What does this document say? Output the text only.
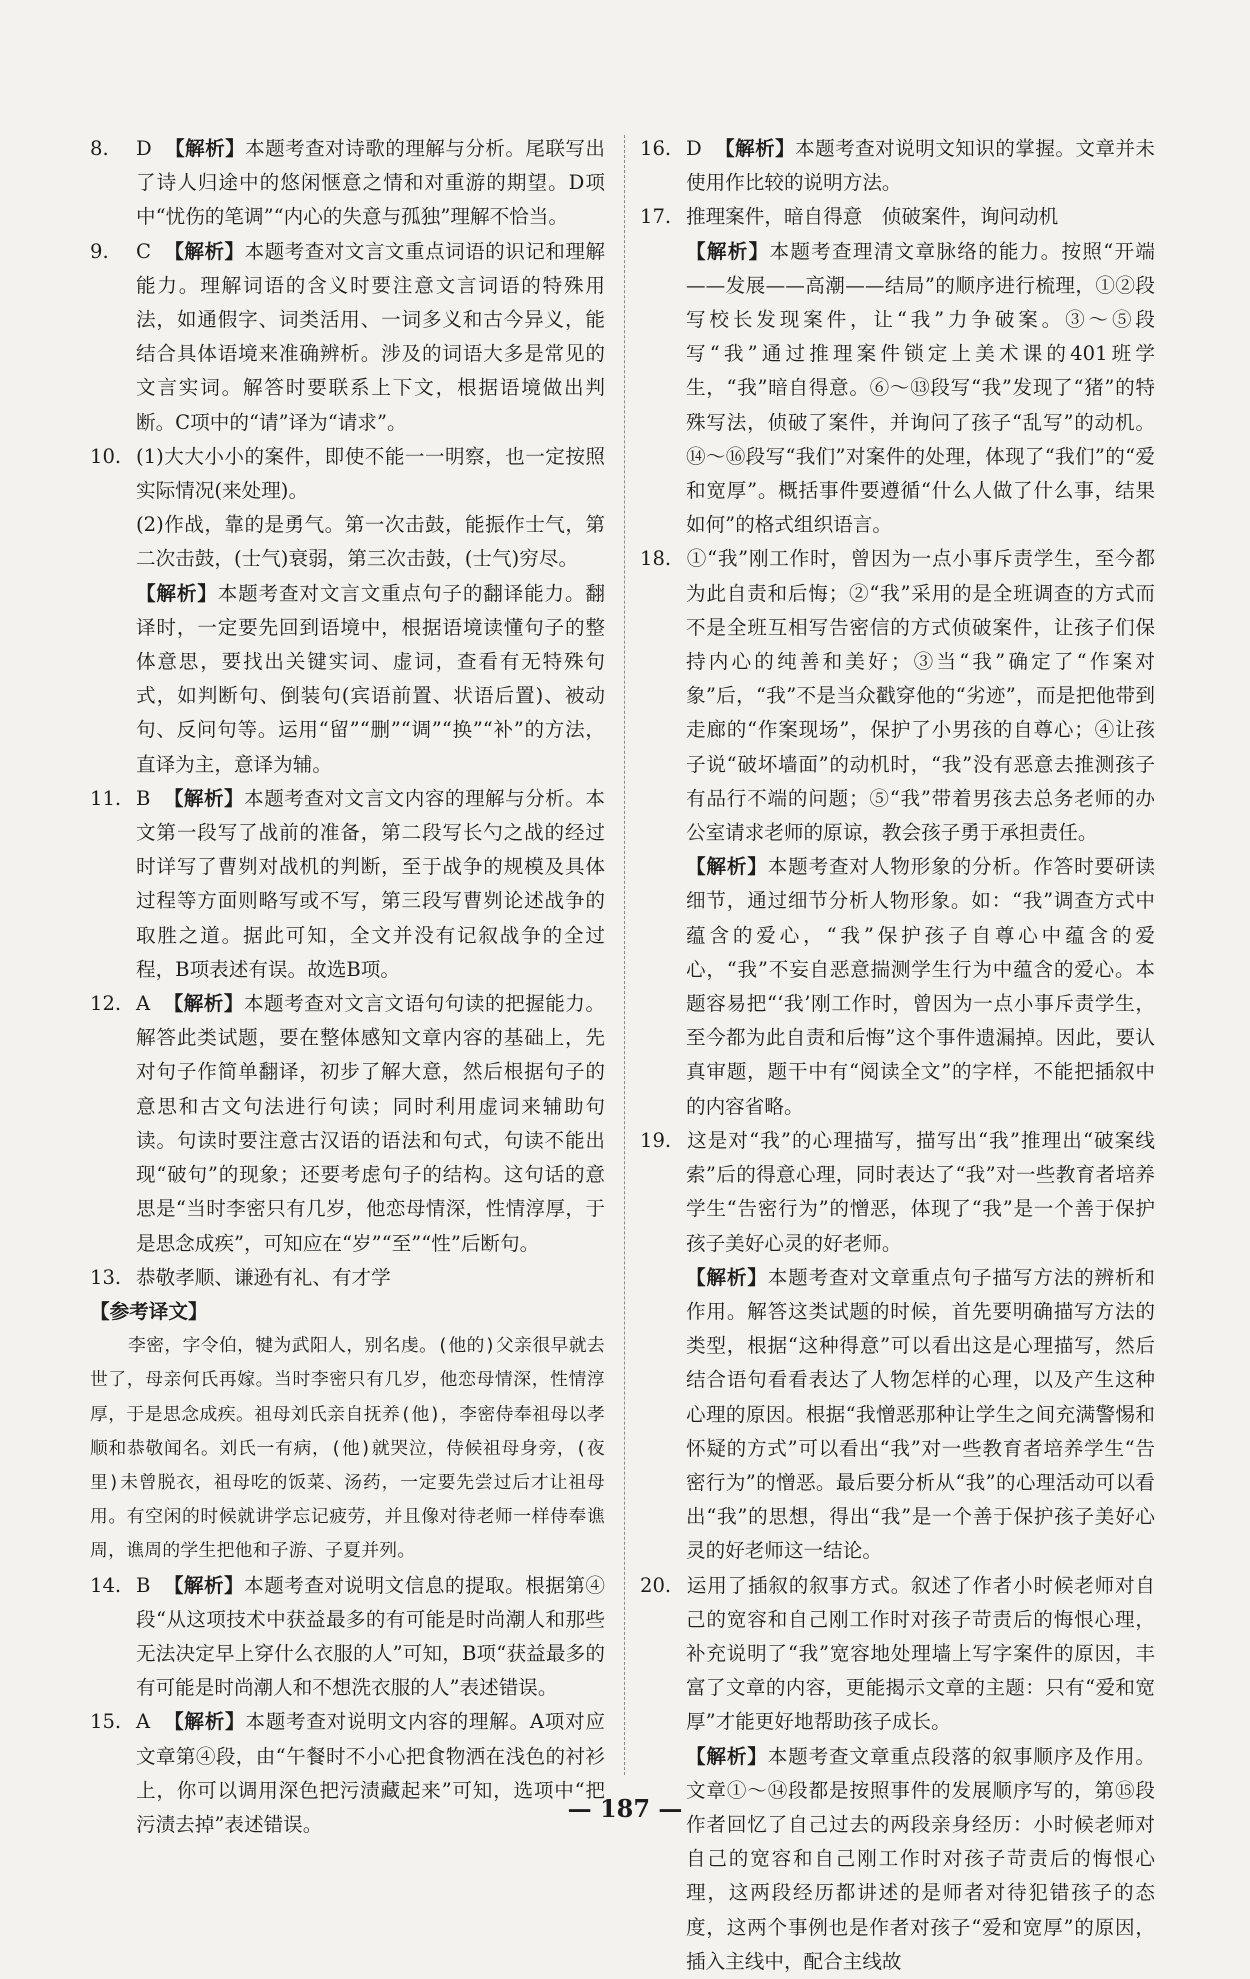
8. D 【解析】本题考查对诗歌的理解与分析。尾联写出了诗人归途中的悠闲惬意之情和对重游的期望。D项中“忧伤的笔调”“内心的失意与孤独”理解不恰当。

9. C 【解析】本题考查对文言文重点词语的识记和理解能力。理解词语的含义时要注意文言词语的特殊用法，如通假字、词类活用、一词多义和古今异义，能结合具体语境来准确辨析。涉及的词语大多是常见的文言实词。解答时要联系上下文，根据语境做出判断。C项中的“请”译为“请求”。

10. (1)大大小小的案件，即使不能一一明察，也一定按照实际情况(来处理)。

(2)作战，靠的是勇气。第一次击鼓，能振作士气，第二次击鼓，(士气)衰弱，第三次击鼓，(士气)穷尽。

【解析】本题考查对文言文重点句子的翻译能力。翻译时，一定要先回到语境中，根据语境读懂句子的整体意思，要找出关键实词、虚词，查看有无特殊句式，如判断句、倒装句(宾语前置、状语后置)、被动句、反问句等。运用“留”“删”“调”“换”“补”的方法，直译为主，意译为辅。

11. B 【解析】本题考查对文言文内容的理解与分析。本文第一段写了战前的准备，第二段写长勺之战的经过时详写了曹刿对战机的判断，至于战争的规模及具体过程等方面则略写或不写，第三段写曹刿论述战争的取胜之道。据此可知，全文并没有记叙战争的全过程，B项表述有误。故选B项。

12. A 【解析】本题考查对文言文语句句读的把握能力。解答此类试题，要在整体感知文章内容的基础上，先对句子作简单翻译，初步了解大意，然后根据句子的意思和古文句法进行句读；同时利用虚词来辅助句读。句读时要注意古汉语的语法和句式，句读不能出现“破句”的现象；还要考虑句子的结构。这句话的意思是“当时李密只有几岁，他恋母情深，性情淳厚，于是思念成疾”，可知应在“岁”“至”“性”后断句。

13. 恭敬孝顺、谦逊有礼、有才学

【参考译文】

李密，字令伯，犍为武阳人，别名虔。(他的)父亲很早就去世了，母亲何氏再嫁。当时李密只有几岁，他恋母情深，性情淳厚，于是思念成疾。祖母刘氏亲自抚养(他)，李密侍奉祖母以孝顺和恭敬闻名。刘氏一有病，(他)就哭泣，侍候祖母身旁，(夜里)未曾脱衣，祖母吃的饭菜、汤药，一定要先尝过后才让祖母用。有空闲的时候就讲学忘记疲劳，并且像对待老师一样侍奉谯周，谯周的学生把他和子游、子夏并列。

14. B 【解析】本题考查对说明文信息的提取。根据第④段“从这项技术中获益最多的有可能是时尚潮人和那些无法决定早上穿什么衣服的人”可知，B项“获益最多的有可能是时尚潮人和不想洗衣服的人”表述错误。

15. A 【解析】本题考查对说明文内容的理解。A项对应文章第④段，由“午餐时不小心把食物洒在浅色的衬衫上，你可以调用深色把污渍藏起来”可知，选项中“把污渍去掉”表述错误。

16. D 【解析】本题考查对说明文知识的掌握。文章并未使用作比较的说明方法。

17. 推理案件，暗自得意　侦破案件，询问动机

【解析】本题考查理清文章脉络的能力。按照“开端——发展——高潮——结局”的顺序进行梳理，①②段写校长发现案件，让“我”力争破案。③～⑤段写“我”通过推理案件锁定上美术课的401班学生，“我”暗自得意。⑥～⑬段写“我”发现了“猪”的特殊写法，侦破了案件，并询问了孩子“乱写”的动机。⑭～⑯段写“我们”对案件的处理，体现了“我们”的“爱和宽厚”。概括事件要遵循“什么人做了什么事，结果如何”的格式组织语言。

18. ①“我”刚工作时，曾因为一点小事斥责学生，至今都为此自责和后悔；②“我”采用的是全班调查的方式而不是全班互相写告密信的方式侦破案件，让孩子们保持内心的纯善和美好；③当“我”确定了“作案对象”后，“我”不是当众戳穿他的“劣迹”，而是把他带到走廊的“作案现场”，保护了小男孩的自尊心；④让孩子说“破坏墙面”的动机时，“我”没有恶意去推测孩子有品行不端的问题；⑤“我”带着男孩去总务老师的办公室请求老师的原谅，教会孩子勇于承担责任。

【解析】本题考查对人物形象的分析。作答时要研读细节，通过细节分析人物形象。如：“我”调查方式中蕴含的爱心，“我”保护孩子自尊心中蕴含的爱心，“我”不妄自恶意揣测学生行为中蕴含的爱心。本题容易把“‘我’刚工作时，曾因为一点小事斥责学生，至今都为此自责和后悔”这个事件遗漏掉。因此，要认真审题，题干中有“阅读全文”的字样，不能把插叙中的内容省略。

19. 这是对“我”的心理描写，描写出“我”推理出“破案线索”后的得意心理，同时表达了“我”对一些教育者培养学生“告密行为”的憎恶，体现了“我”是一个善于保护孩子美好心灵的好老师。

【解析】本题考查对文章重点句子描写方法的辨析和作用。解答这类试题的时候，首先要明确描写方法的类型，根据“这种得意”可以看出这是心理描写，然后结合语句看看表达了人物怎样的心理，以及产生这种心理的原因。根据“我憎恶那种让学生之间充满警惕和怀疑的方式”可以看出“我”对一些教育者培养学生“告密行为”的憎恶。最后要分析从“我”的心理活动可以看出“我”的思想，得出“我”是一个善于保护孩子美好心灵的好老师这一结论。

20. 运用了插叙的叙事方式。叙述了作者小时候老师对自己的宽容和自己刚工作时对孩子苛责后的悔恨心理，补充说明了“我”宽容地处理墙上写字案件的原因，丰富了文章的内容，更能揭示文章的主题：只有“爱和宽厚”才能更好地帮助孩子成长。

【解析】本题考查文章重点段落的叙事顺序及作用。文章①～⑭段都是按照事件的发展顺序写的，第⑮段作者回忆了自己过去的两段亲身经历：小时候老师对自己的宽容和自己刚工作时对孩子苛责后的悔恨心理，这两段经历都讲述的是师者对待犯错孩子的态度，这两个事例也是作者对孩子“爱和宽厚”的原因，插入主线中，配合主线故

— 187 —
